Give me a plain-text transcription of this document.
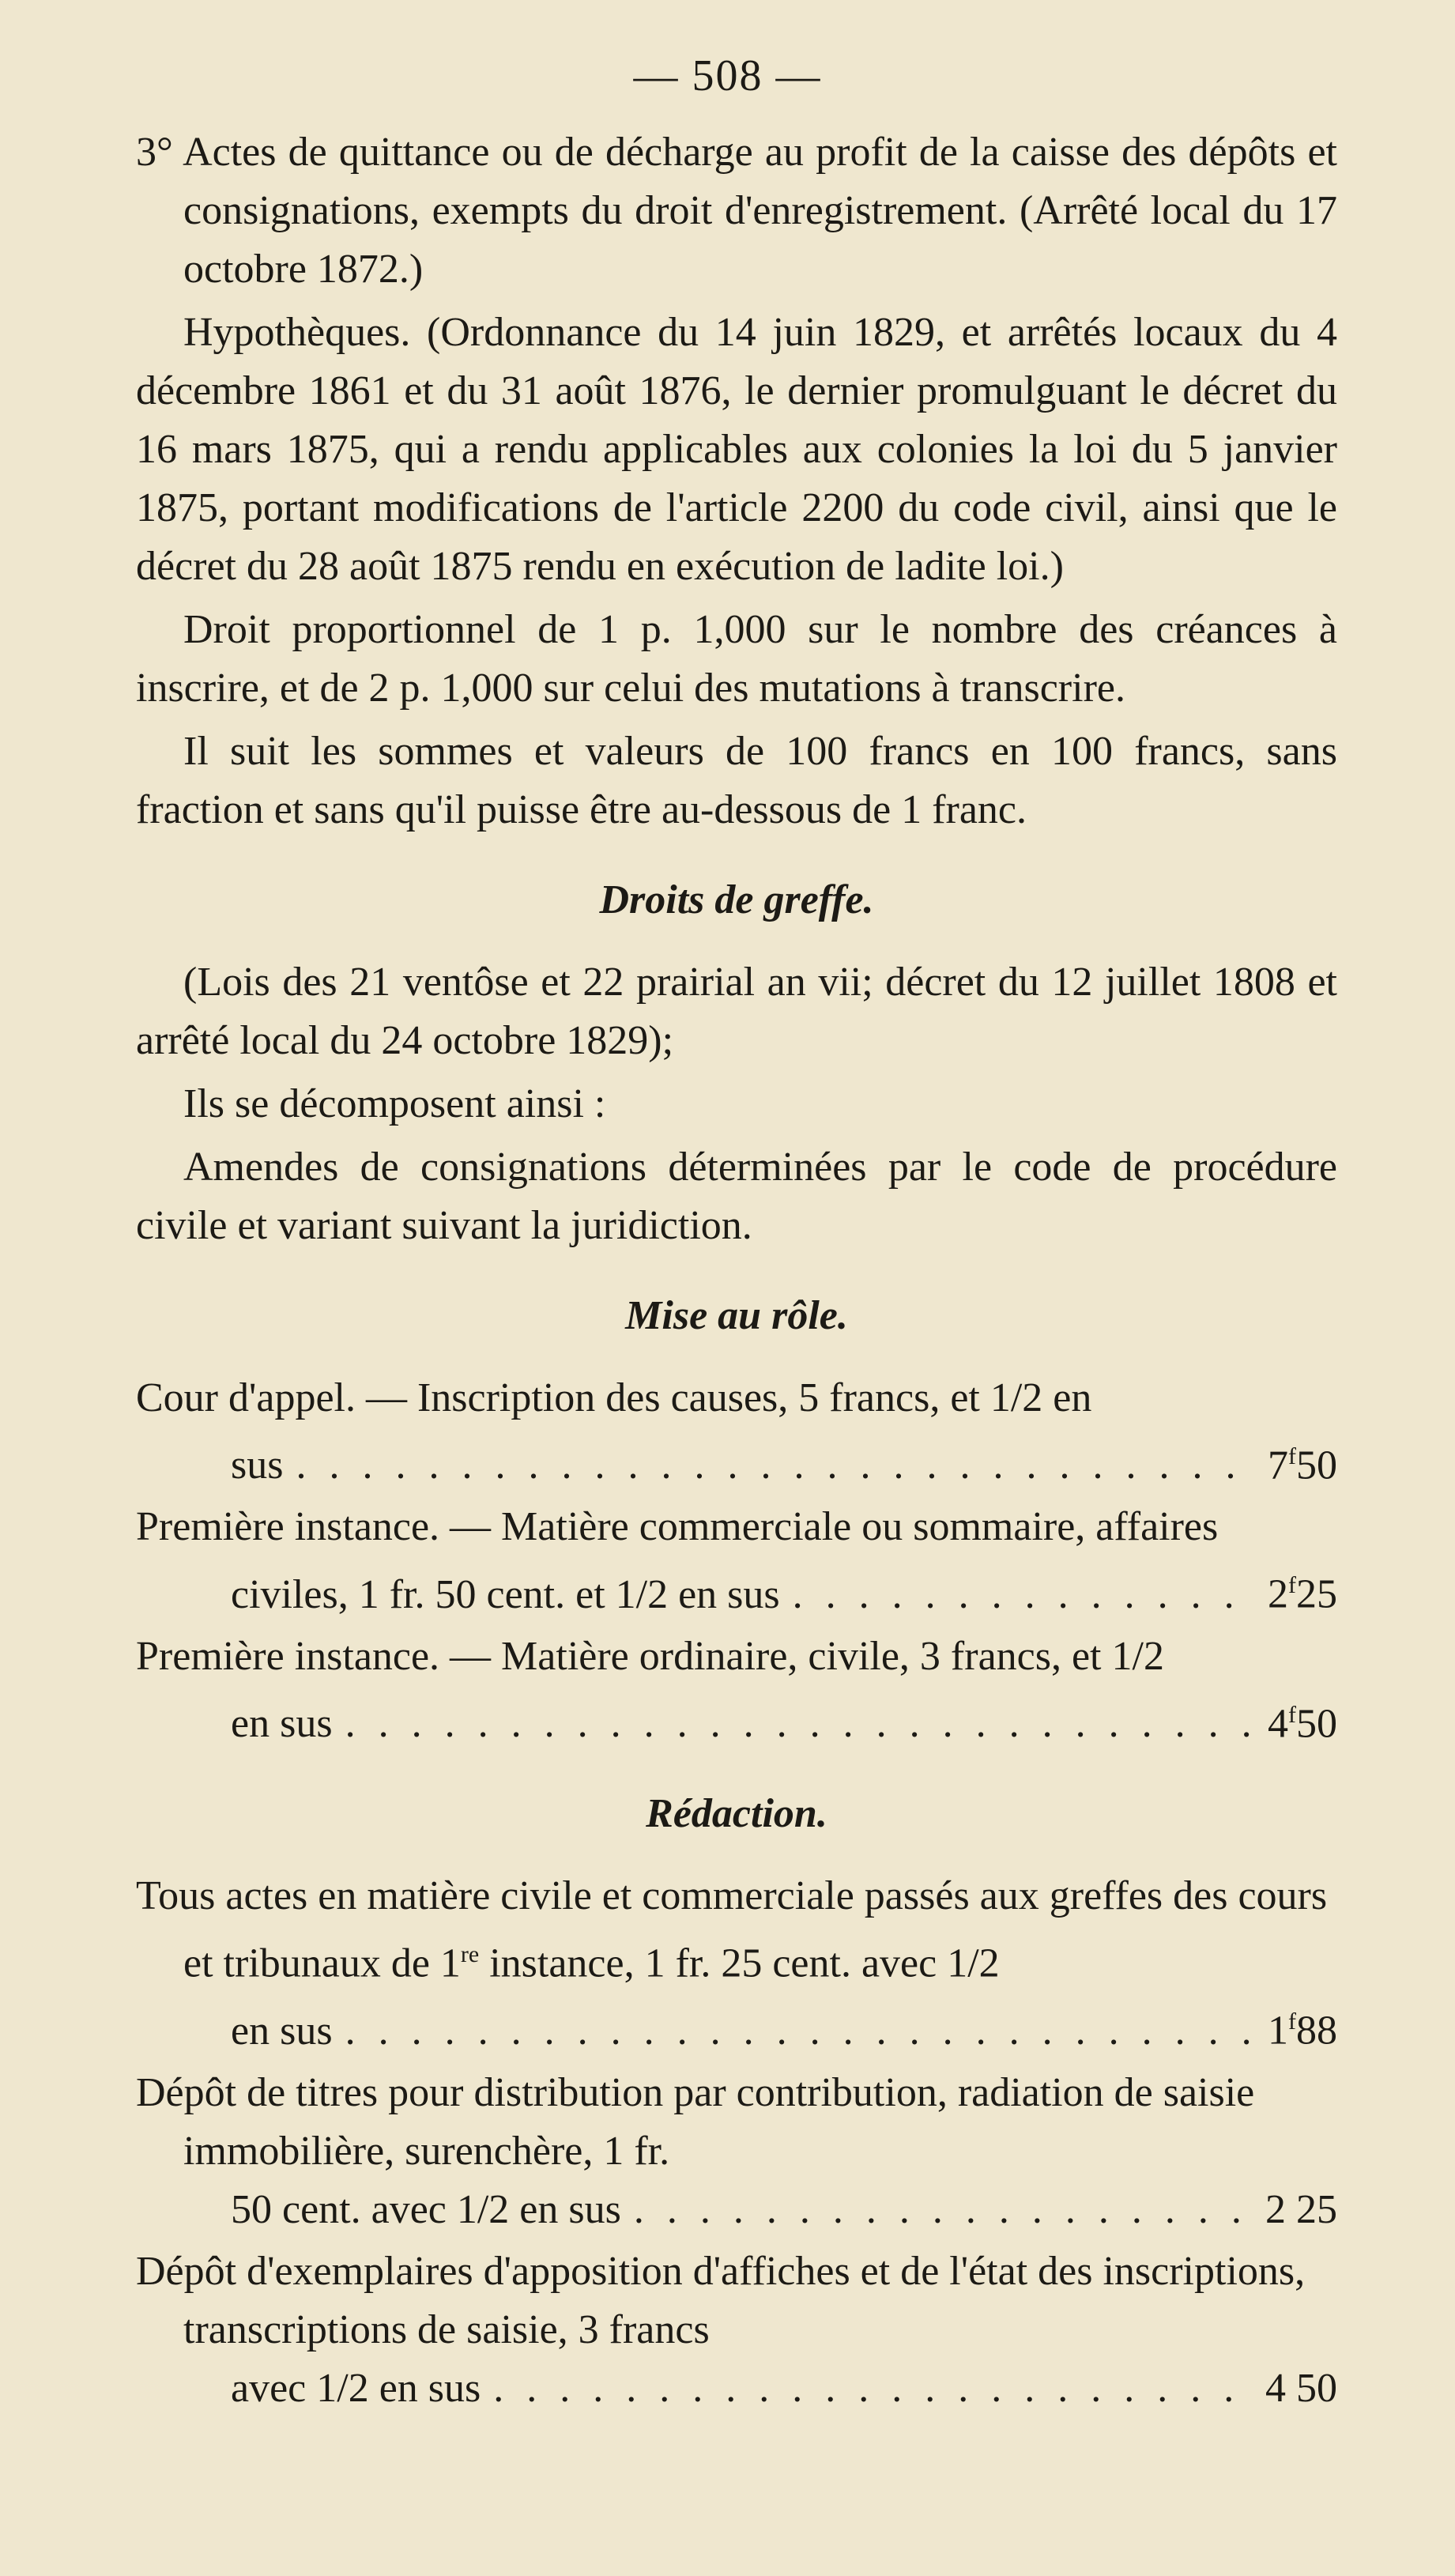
— 508 —

3° Actes de quittance ou de décharge au profit de la caisse des dépôts et consignations, exempts du droit d'enregistrement. (Arrêté local du 17 octobre 1872.)

Hypothèques. (Ordonnance du 14 juin 1829, et arrêtés locaux du 4 décembre 1861 et du 31 août 1876, le dernier promulguant le décret du 16 mars 1875, qui a rendu applicables aux colonies la loi du 5 janvier 1875, portant modifications de l'article 2200 du code civil, ainsi que le décret du 28 août 1875 rendu en exécution de ladite loi.)

Droit proportionnel de 1 p. 1,000 sur le nombre des créances à inscrire, et de 2 p. 1,000 sur celui des mutations à transcrire.

Il suit les sommes et valeurs de 100 francs en 100 francs, sans fraction et sans qu'il puisse être au-dessous de 1 franc.

Droits de greffe.

(Lois des 21 ventôse et 22 prairial an vii; décret du 12 juillet 1808 et arrêté local du 24 octobre 1829);

Ils se décomposent ainsi :

Amendes de consignations déterminées par le code de procédure civile et variant suivant la juridiction.

Mise au rôle.
Cour d'appel. — Inscription des causes, 5 francs, et 1/2 en
sus . . .	7$^f$50
Première instance. — Matière commerciale ou sommaire, affaires
civiles, 1 fr. 50 cent. et 1/2 en sus . . .	2$^f$25
Première instance. — Matière ordinaire, civile, 3 francs, et 1/2
en sus . . .	4$^f$50
Rédaction.
Tous actes en matière civile et commerciale passés aux greffes des cours et tribunaux de 1re instance, 1 fr. 25 cent. avec 1/2
en sus . . .	1$^f$88
Dépôt de titres pour distribution par contribution, radiation de saisie immobilière, surenchère, 1 fr.
50 cent. avec 1/2 en sus . . .	2 25
Dépôt d'exemplaires d'apposition d'affiches et de l'état des inscriptions, transcriptions de saisie, 3 francs
avec 1/2 en sus . . .	4 50
